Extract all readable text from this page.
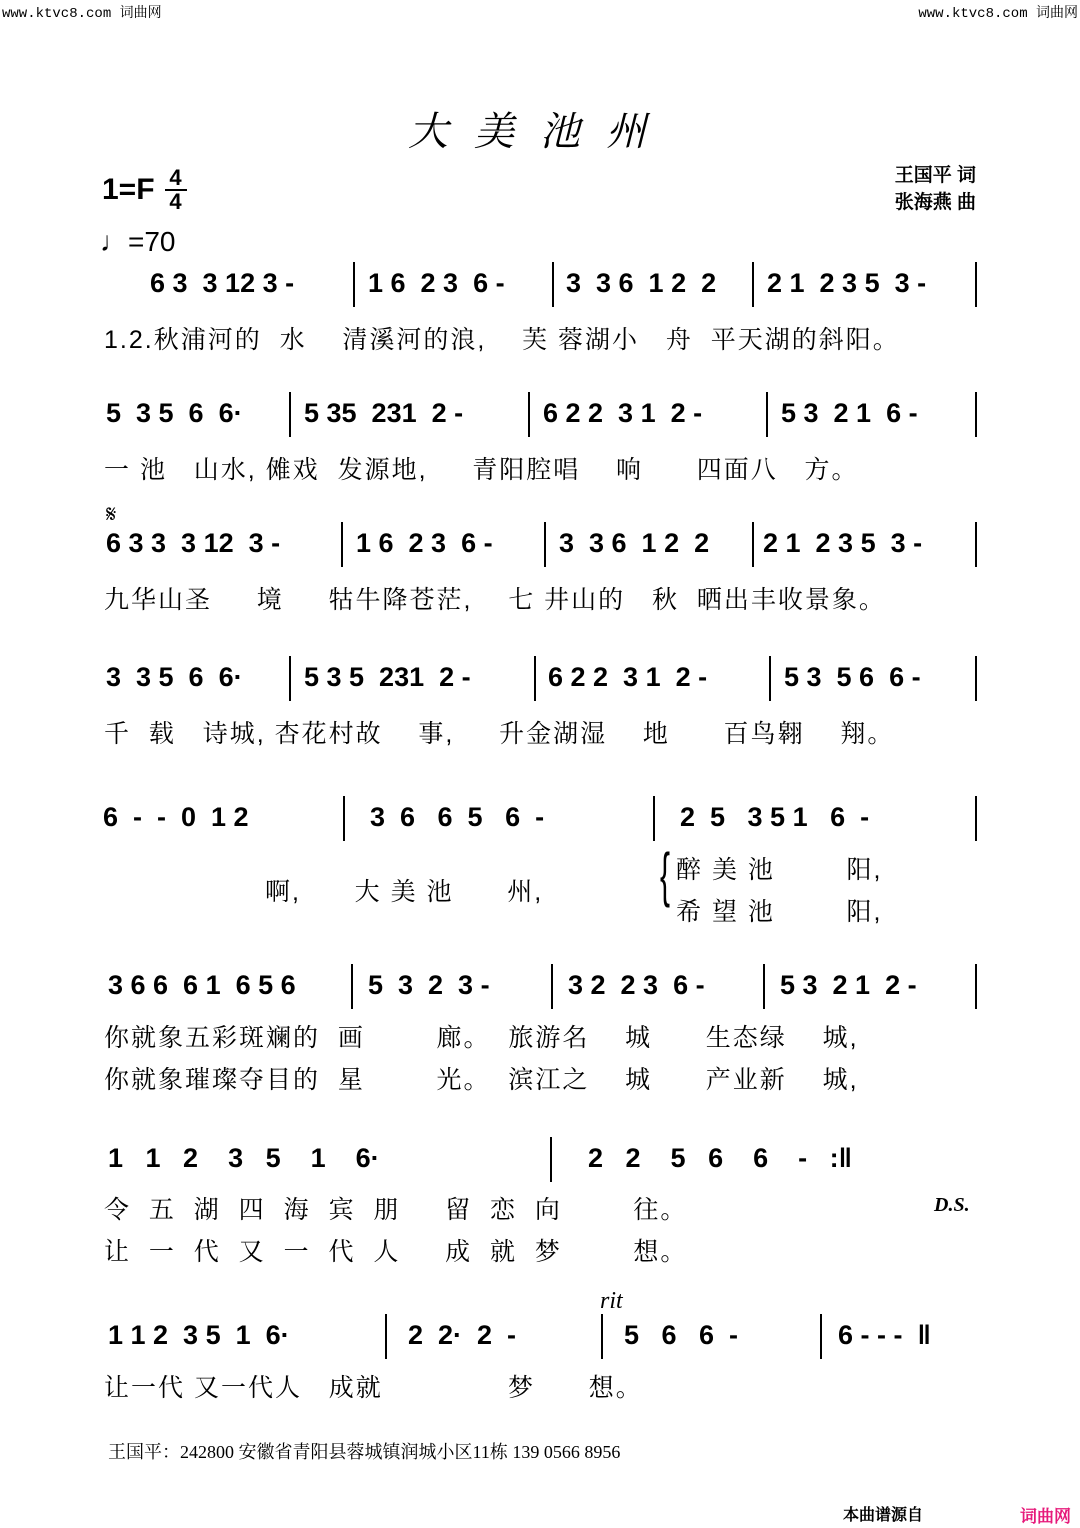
www.ktvc8.com 词曲网	www.ktvc8.com 词曲网
大美池州
$1=F \frac{4}{4}$
♩=70
王国平 词
张海燕 曲
6 3  3 12 3 -	1 6  2 3  6 - 3  3 6  1 2  2 2 1  2 3 5  3 -
1.2.秋浦河的  水    清溪河的浪,    芙 蓉湖小   舟  平天湖的斜阳。
5  3 5  6  6· 5 35  231  2 -	6 2 2  3 1  2 -	5 3  2 1  6 -
一 池   山水, 傩戏  发源地,     青阳腔唱    响      四面八   方。
𝄋
6 3 3  3 12  3 -	1 6  2 3  6 - 3  3 6  1 2  2 2 1  2 3 5  3 -
九华山圣     境     牯牛降苍茫,    七 井山的   秋  晒出丰收景象。
3  3 5  6  6· 5 3 5  231  2 -	6 2 2  3 1  2 -	5 3  5 6  6 -
千  载   诗城, 杏花村故    事,     升金湖湿    地      百鸟翱    翔。
6  -  -  0  1 2	3  6   6  5   6  -	2  5   3 5 1   6  -
啊,      大 美 池      州, { 醉 美 池        阳,
希 望 池        阳,
3 6 6  6 1  6 5 6	5  3  2  3 -	3 2  2 3  6 -	5 3  2 1  2 -
你就象五彩斑斓的  画        廊。  旅游名    城      生态绿    城,
你就象璀璨夺目的  星        光。  滨江之    城      产业新    城,
1   1   2    3   5    1    6·	2   2    5   6    6    -   :‖
令  五  湖  四  海  宾  朋     留  恋  向        往。
让  一  代  又  一  代  人     成  就  梦        想。
D.S.
1 1 2  3 5  1  6·	2  2·  2  -
rit
5   6   6  -	6 - - -  ‖
让一代 又一代人   成就              梦      想。
王国平：242800 安徽省青阳县蓉城镇润城小区11栋 139 0566 8956
本曲谱源自	词曲网
